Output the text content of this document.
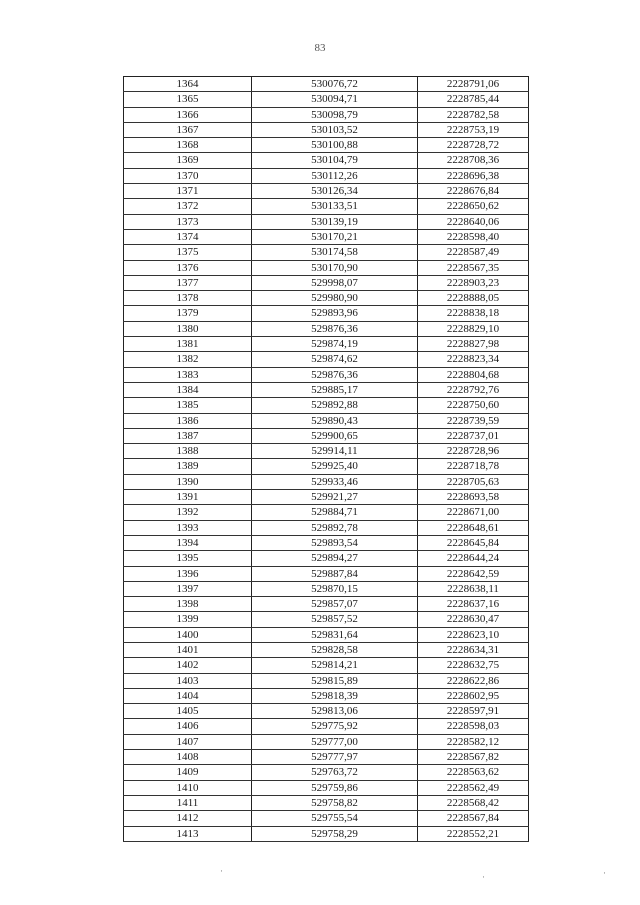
83
1364	530076,72	2228791,06
1365	530094,71	2228785,44
1366	530098,79	2228782,58
1367	530103,52	2228753,19
1368	530100,88	2228728,72
1369	530104,79	2228708,36
1370	530112,26	2228696,38
1371	530126,34	2228676,84
1372	530133,51	2228650,62
1373	530139,19	2228640,06
1374	530170,21	2228598,40
1375	530174,58	2228587,49
1376	530170,90	2228567,35
1377	529998,07	2228903,23
1378	529980,90	2228888,05
1379	529893,96	2228838,18
1380	529876,36	2228829,10
1381	529874,19	2228827,98
1382	529874,62	2228823,34
1383	529876,36	2228804,68
1384	529885,17	2228792,76
1385	529892,88	2228750,60
1386	529890,43	2228739,59
1387	529900,65	2228737,01
1388	529914,11	2228728,96
1389	529925,40	2228718,78
1390	529933,46	2228705,63
1391	529921,27	2228693,58
1392	529884,71	2228671,00
1393	529892,78	2228648,61
1394	529893,54	2228645,84
1395	529894,27	2228644,24
1396	529887,84	2228642,59
1397	529870,15	2228638,11
1398	529857,07	2228637,16
1399	529857,52	2228630,47
1400	529831,64	2228623,10
1401	529828,58	2228634,31
1402	529814,21	2228632,75
1403	529815,89	2228622,86
1404	529818,39	2228602,95
1405	529813,06	2228597,91
1406	529775,92	2228598,03
1407	529777,00	2228582,12
1408	529777,97	2228567,82
1409	529763,72	2228563,62
1410	529759,86	2228562,49
1411	529758,82	2228568,42
1412	529755,54	2228567,84
1413	529758,29	2228552,21
·
·	·
